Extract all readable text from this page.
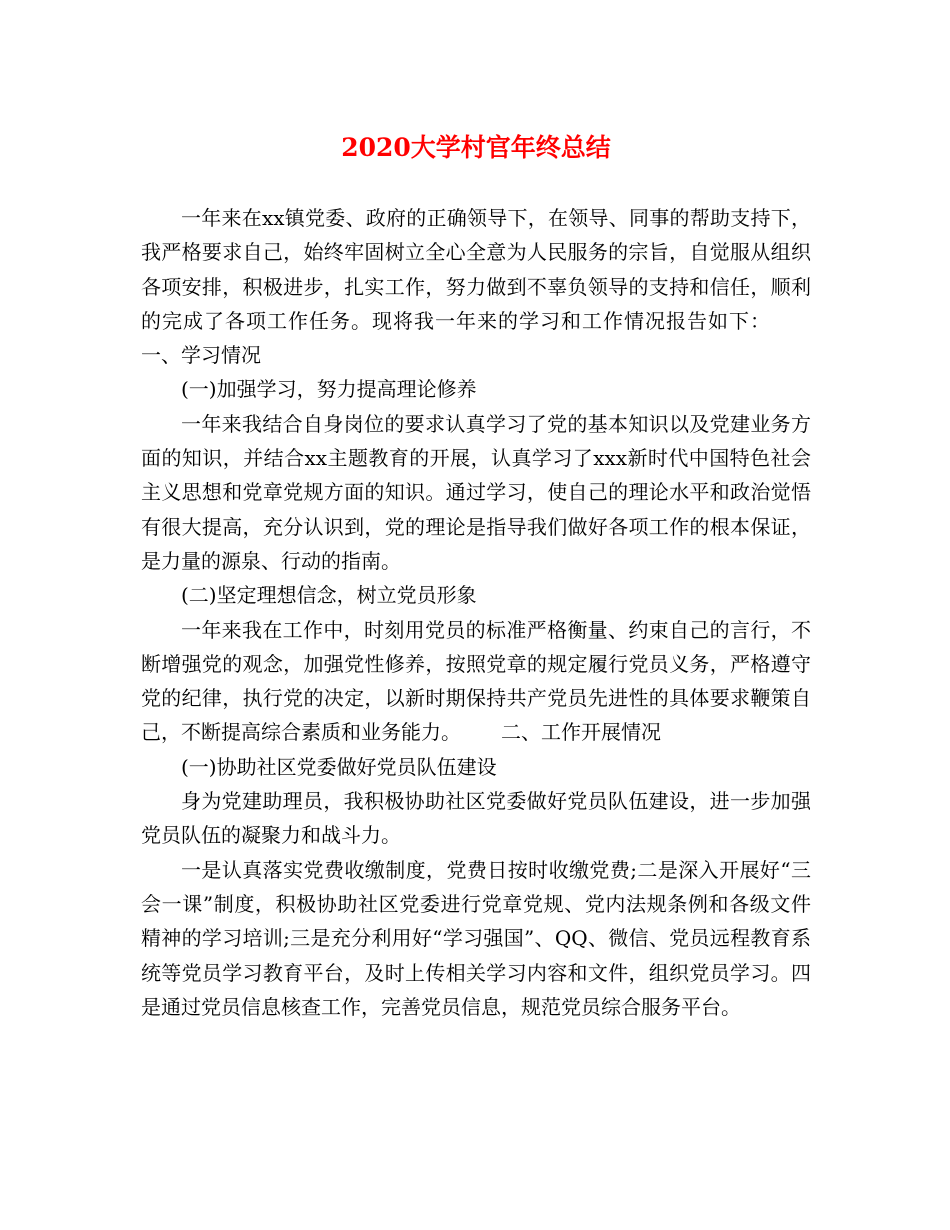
2020大学村官年终总结

一年来在xx镇党委、政府的正确领导下，在领导、同事的帮助支持下，我严格要求自己，始终牢固树立全心全意为人民服务的宗旨，自觉服从组织各项安排，积极进步，扎实工作，努力做到不辜负领导的支持和信任，顺利的完成了各项工作任务。现将我一年来的学习和工作情况报告如下：一、学习情况

(一)加强学习，努力提高理论修养

一年来我结合自身岗位的要求认真学习了党的基本知识以及党建业务方面的知识，并结合xx主题教育的开展，认真学习了xxx新时代中国特色社会主义思想和党章党规方面的知识。通过学习，使自己的理论水平和政治觉悟有很大提高，充分认识到，党的理论是指导我们做好各项工作的根本保证，是力量的源泉、行动的指南。

(二)坚定理想信念，树立党员形象

一年来我在工作中，时刻用党员的标准严格衡量、约束自己的言行，不断增强党的观念，加强党性修养，按照党章的规定履行党员义务，严格遵守党的纪律，执行党的决定，以新时期保持共产党员先进性的具体要求鞭策自己，不断提高综合素质和业务能力。 二、工作开展情况

(一)协助社区党委做好党员队伍建设

身为党建助理员，我积极协助社区党委做好党员队伍建设，进一步加强党员队伍的凝聚力和战斗力。

一是认真落实党费收缴制度，党费日按时收缴党费;二是深入开展好“三会一课”制度，积极协助社区党委进行党章党规、党内法规条例和各级文件精神的学习培训;三是充分利用好“学习强国”、QQ、微信、党员远程教育系统等党员学习教育平台，及时上传相关学习内容和文件，组织党员学习。四是通过党员信息核查工作，完善党员信息，规范党员综合服务平台。
